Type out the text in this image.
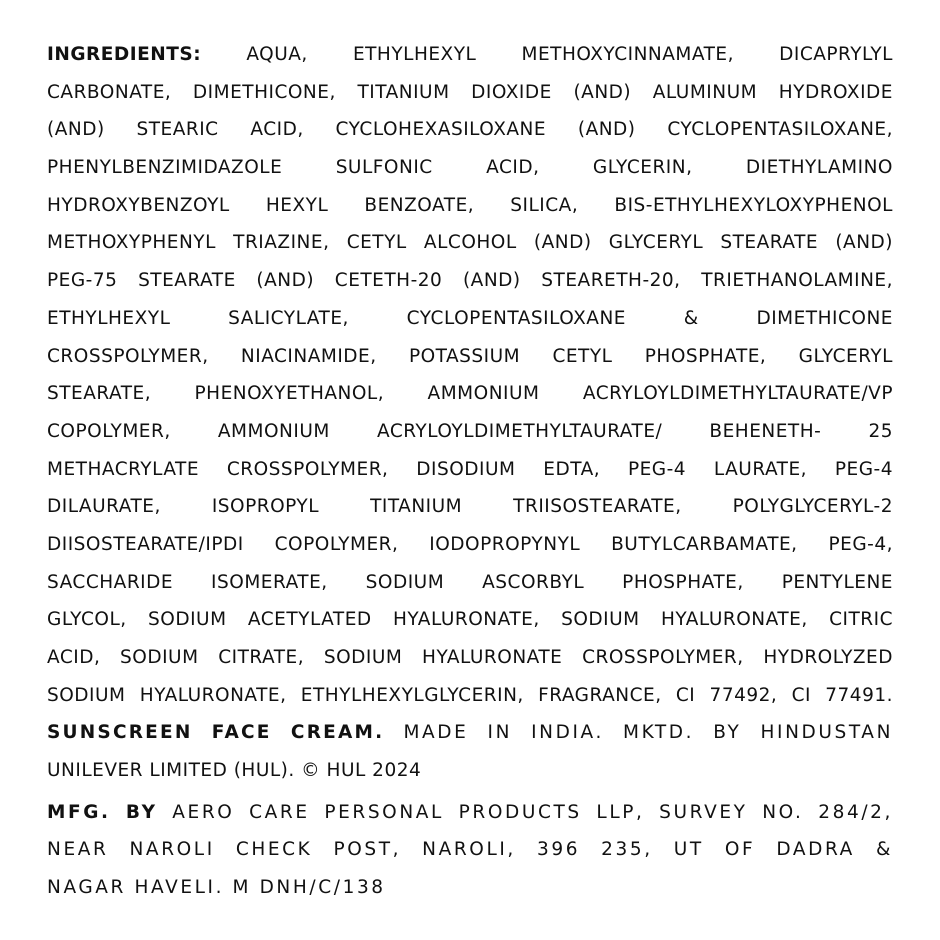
INGREDIENTS: AQUA, ETHYLHEXYL METHOXYCINNAMATE, DICAPRYLYL
CARBONATE, DIMETHICONE, TITANIUM DIOXIDE (AND) ALUMINUM HYDROXIDE
(AND) STEARIC ACID, CYCLOHEXASILOXANE (AND) CYCLOPENTASILOXANE,
PHENYLBENZIMIDAZOLE SULFONIC ACID, GLYCERIN, DIETHYLAMINO
HYDROXYBENZOYL HEXYL BENZOATE, SILICA, BIS-ETHYLHEXYLOXYPHENOL
METHOXYPHENYL TRIAZINE, CETYL ALCOHOL (AND) GLYCERYL STEARATE (AND)
PEG-75 STEARATE (AND) CETETH-20 (AND) STEARETH-20, TRIETHANOLAMINE,
ETHYLHEXYL SALICYLATE, CYCLOPENTASILOXANE & DIMETHICONE
CROSSPOLYMER, NIACINAMIDE, POTASSIUM CETYL PHOSPHATE, GLYCERYL
STEARATE, PHENOXYETHANOL, AMMONIUM ACRYLOYLDIMETHYLTAURATE/VP
COPOLYMER, AMMONIUM ACRYLOYLDIMETHYLTAURATE/ BEHENETH- 25
METHACRYLATE CROSSPOLYMER, DISODIUM EDTA, PEG-4 LAURATE, PEG-4
DILAURATE, ISOPROPYL TITANIUM TRIISOSTEARATE, POLYGLYCERYL-2
DIISOSTEARATE/IPDI COPOLYMER, IODOPROPYNYL BUTYLCARBAMATE, PEG-4,
SACCHARIDE ISOMERATE, SODIUM ASCORBYL PHOSPHATE, PENTYLENE
GLYCOL, SODIUM ACETYLATED HYALURONATE, SODIUM HYALURONATE, CITRIC
ACID, SODIUM CITRATE, SODIUM HYALURONATE CROSSPOLYMER, HYDROLYZED
SODIUM HYALURONATE, ETHYLHEXYLGLYCERIN, FRAGRANCE, CI 77492, CI 77491.
SUNSCREEN FACE CREAM. MADE IN INDIA. MKTD. BY HINDUSTAN
UNILEVER LIMITED (HUL). © HUL 2024
MFG. BY AERO CARE PERSONAL PRODUCTS LLP, SURVEY NO. 284/2,
NEAR NAROLI CHECK POST, NAROLI, 396 235, UT OF DADRA &
NAGAR HAVELI. M DNH/C/138
